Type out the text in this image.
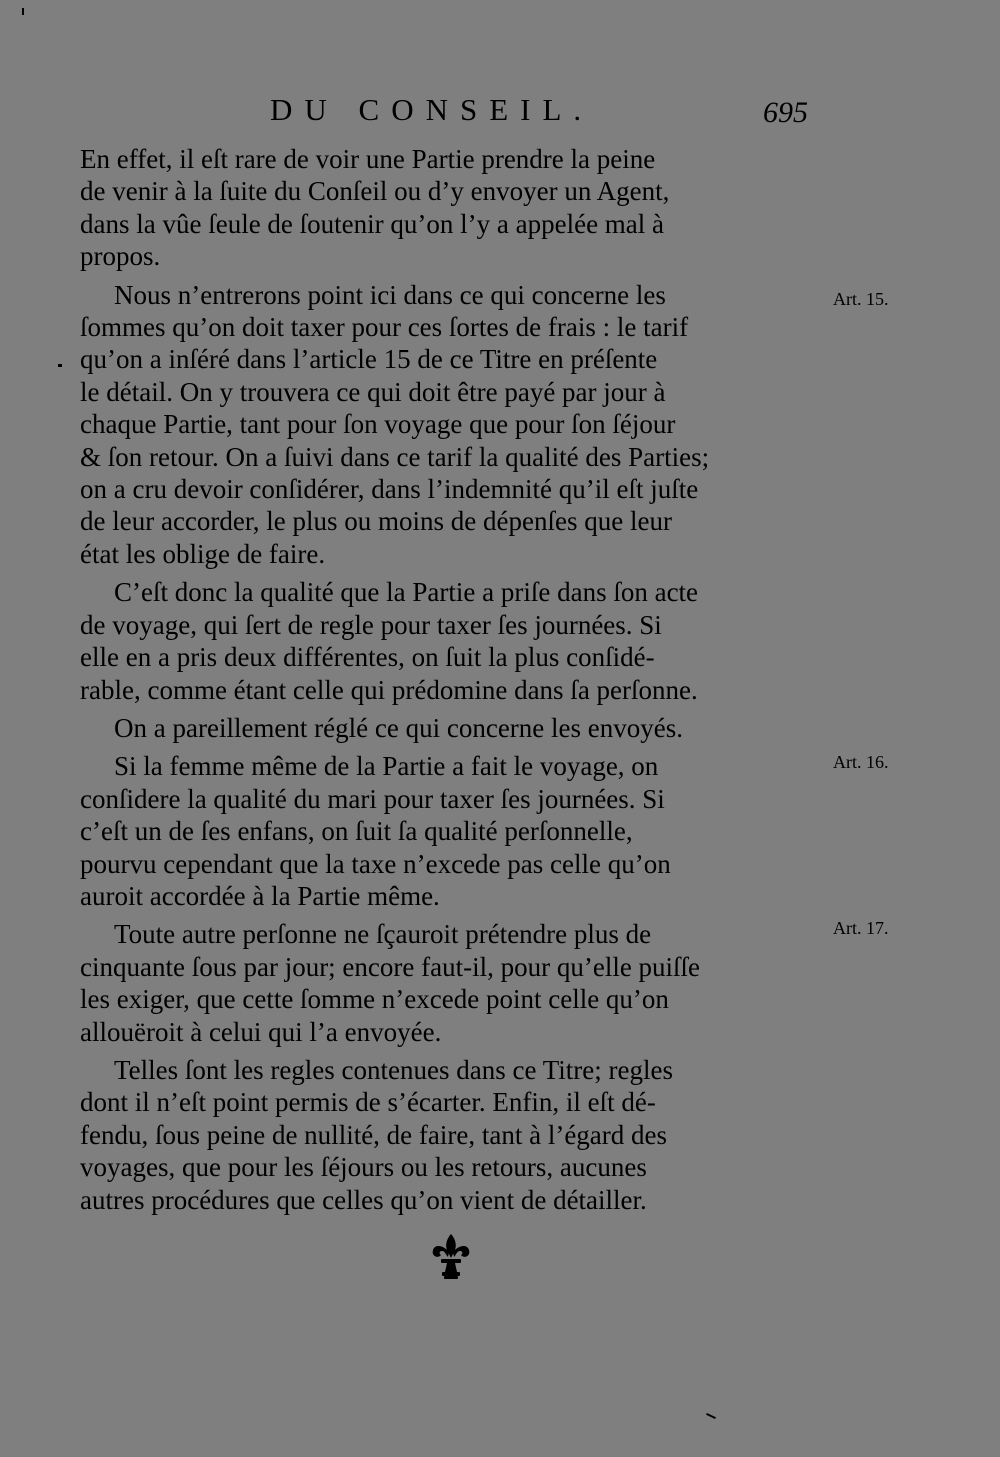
DU CONSEIL.	695

En effet, il eſt rare de voir une Partie prendre la peine
de venir à la ſuite du Conſeil ou d’y envoyer un Agent,
dans la vûe ſeule de ſoutenir qu’on l’y a appelée mal à
propos.

Nous n’entrerons point ici dans ce qui concerne les
ſommes qu’on doit taxer pour ces ſortes de frais : le tarif
qu’on a inſéré dans l’article 15 de ce Titre en préſente
le détail. On y trouvera ce qui doit être payé par jour à
chaque Partie, tant pour ſon voyage que pour ſon ſéjour
& ſon retour. On a ſuivi dans ce tarif la qualité des Parties;
on a cru devoir conſidérer, dans l’indemnité qu’il eſt juſte
de leur accorder, le plus ou moins de dépenſes que leur
état les oblige de faire.

C’eſt donc la qualité que la Partie a priſe dans ſon acte
de voyage, qui ſert de regle pour taxer ſes journées. Si
elle en a pris deux différentes, on ſuit la plus conſidé-
rable, comme étant celle qui prédomine dans ſa perſonne.

On a pareillement réglé ce qui concerne les envoyés.

Si la femme même de la Partie a fait le voyage, on
conſidere la qualité du mari pour taxer ſes journées. Si
c’eſt un de ſes enfans, on ſuit ſa qualité perſonnelle,
pourvu cependant que la taxe n’excede pas celle qu’on
auroit accordée à la Partie même.

Toute autre perſonne ne ſçauroit prétendre plus de
cinquante ſous par jour; encore faut-il, pour qu’elle puiſſe
les exiger, que cette ſomme n’excede point celle qu’on
allouëroit à celui qui l’a envoyée.

Telles ſont les regles contenues dans ce Titre; regles
dont il n’eſt point permis de s’écarter. Enfin, il eſt dé-
fendu, ſous peine de nullité, de faire, tant à l’égard des
voyages, que pour les ſéjours ou les retours, aucunes
autres procédures que celles qu’on vient de détailler.

Art. 15.
Art. 16.
Art. 17.
